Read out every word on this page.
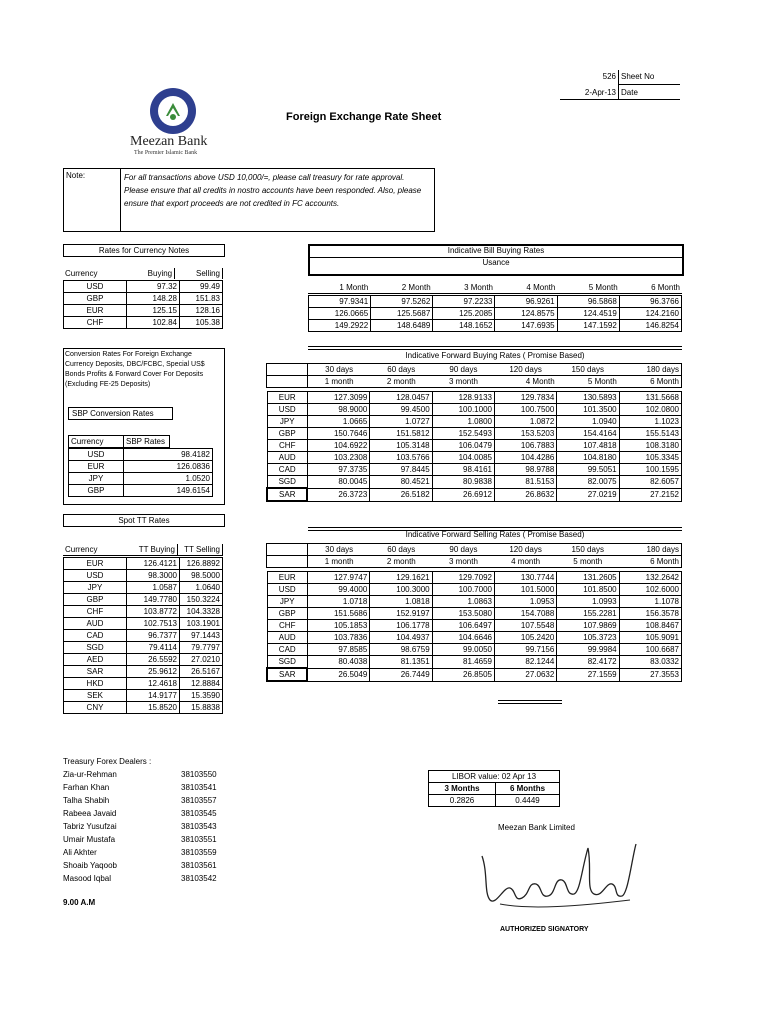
526 Sheet No
2-Apr-13 Date
Meezan Bank
The Premier Islamic Bank
Foreign Exchange Rate Sheet
Note:	For all transactions above USD 10,000/=, please call treasury for rate approval. Please ensure that all credits in nostro accounts have been responded. Also, please ensure that export proceeds are not credited in FC accounts.
Rates for Currency Notes
Currency	Buying	Selling
USD	97.32	99.49
GBP	148.28	151.83
EUR	125.15	128.16
CHF	102.84	105.38
Indicative Bill Buying Rates
Usance
1 Month	2 Month	3 Month	4 Month	5 Month	6 Month
97.9341	97.5262	97.2233	96.9261	96.5868	96.3766
126.0665	125.5687	125.2085	124.8575	124.4519	124.2160
149.2922	148.6489	148.1652	147.6935	147.1592	146.8254
Conversion Rates For Foreign Exchange Currency Deposits, DBC/FCBC, Special US$ Bonds Profits & Forward Cover For Deposits (Excluding FE-25 Deposits)
SBP Conversion Rates
Currency	SBP Rates
USD	98.4182
EUR	126.0836
JPY	1.0520
GBP	149.6154
Indicative Forward Buying Rates ( Promise Based)
	30 days	60 days	90 days	120 days	150 days	180 days
	1 month	2 month	3 month	4 Month	5 Month	6 Month
EUR	127.3099	128.0457	128.9133	129.7834	130.5893	131.5668
USD	98.9000	99.4500	100.1000	100.7500	101.3500	102.0800
JPY	1.0665	1.0727	1.0800	1.0872	1.0940	1.1023
GBP	150.7646	151.5812	152.5493	153.5203	154.4164	155.5143
CHF	104.6922	105.3148	106.0479	106.7883	107.4818	108.3180
AUD	103.2308	103.5766	104.0085	104.4286	104.8180	105.3345
CAD	97.3735	97.8445	98.4161	98.9788	99.5051	100.1595
SGD	80.0045	80.4521	80.9838	81.5153	82.0075	82.6057
SAR	26.3723	26.5182	26.6912	26.8632	27.0219	27.2152
Spot TT Rates
Currency	TT Buying	TT Selling
EUR	126.4121	126.8892
USD	98.3000	98.5000
JPY	1.0587	1.0640
GBP	149.7780	150.3224
CHF	103.8772	104.3328
AUD	102.7513	103.1901
CAD	96.7377	97.1443
SGD	79.4114	79.7797
AED	26.5592	27.0210
SAR	25.9612	26.5167
HKD	12.4618	12.8884
SEK	14.9177	15.3590
CNY	15.8520	15.8838
Indicative Forward Selling Rates ( Promise Based)
	30 days	60 days	90 days	120 days	150 days	180 days
	1 month	2 month	3 month	4 month	5 month	6 Month
EUR	127.9747	129.1621	129.7092	130.7744	131.2605	132.2642
USD	99.4000	100.3000	100.7000	101.5000	101.8500	102.6000
JPY	1.0718	1.0818	1.0863	1.0953	1.0993	1.1078
GBP	151.5686	152.9197	153.5080	154.7088	155.2281	156.3578
CHF	105.1853	106.1778	106.6497	107.5548	107.9869	108.8467
AUD	103.7836	104.4937	104.6646	105.2420	105.3723	105.9091
CAD	97.8585	98.6759	99.0050	99.7156	99.9984	100.6687
SGD	80.4038	81.1351	81.4659	82.1244	82.4172	83.0332
SAR	26.5049	26.7449	26.8505	27.0632	27.1559	27.3553
Treasury Forex Dealers :
Zia-ur-Rehman	38103550
Farhan Khan	38103541
Talha Shabih	38103557
Rabeea Javaid	38103545
Tabriz Yusufzai	38103543
Umair Mustafa	38103551
Ali Akhter	38103559
Shoaib Yaqoob	38103561
Masood Iqbal	38103542
9.00 A.M
LIBOR value: 02 Apr 13	
3 Months	6 Months
0.2826	0.4449
Meezan Bank Limited
AUTHORIZED SIGNATORY
